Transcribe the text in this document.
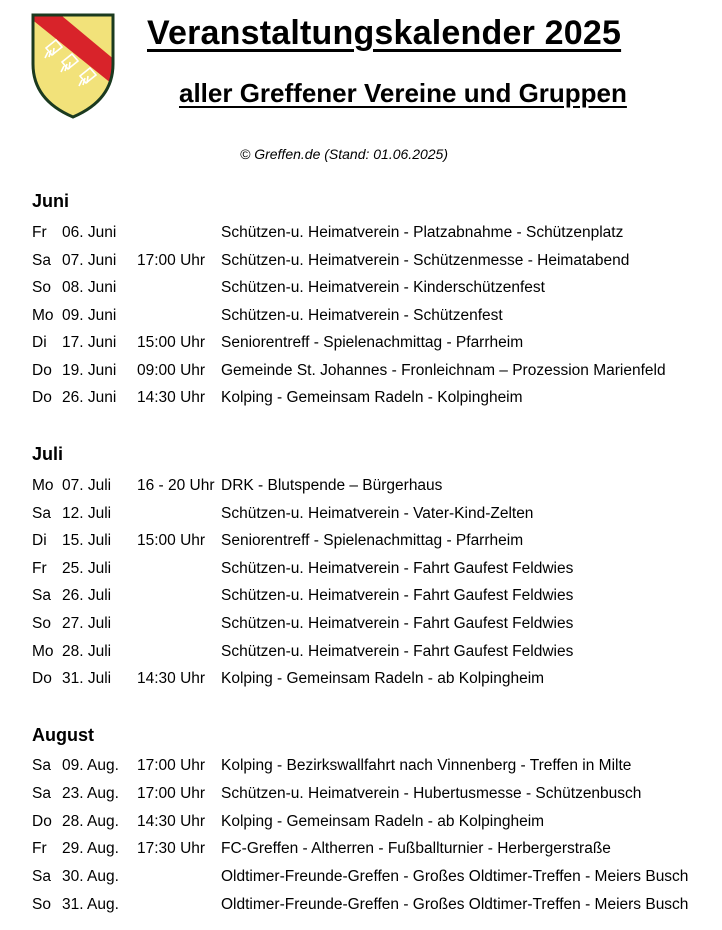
Veranstaltungskalender 2025
aller Greffener Vereine und Gruppen
© Greffen.de (Stand: 01.06.2025)
Juni
Fr 06. Juni	Schützen-u. Heimatverein - Platzabnahme - Schützenplatz
Sa 07. Juni 17:00 Uhr Schützen-u. Heimatverein - Schützenmesse - Heimatabend
So 08. Juni	Schützen-u. Heimatverein - Kinderschützenfest
Mo 09. Juni	Schützen-u. Heimatverein - Schützenfest
Di 17. Juni 15:00 Uhr Seniorentreff - Spielenachmittag - Pfarrheim
Do 19. Juni 09:00 Uhr Gemeinde St. Johannes - Fronleichnam – Prozession Marienfeld
Do 26. Juni 14:30 Uhr Kolping - Gemeinsam Radeln - Kolpingheim
Juli
Mo 07. Juli 16 - 20 Uhr DRK - Blutspende – Bürgerhaus
Sa 12. Juli	Schützen-u. Heimatverein - Vater-Kind-Zelten
Di 15. Juli 15:00 Uhr Seniorentreff - Spielenachmittag - Pfarrheim
Fr 25. Juli	Schützen-u. Heimatverein - Fahrt Gaufest Feldwies
Sa 26. Juli	Schützen-u. Heimatverein - Fahrt Gaufest Feldwies
So 27. Juli	Schützen-u. Heimatverein - Fahrt Gaufest Feldwies
Mo 28. Juli	Schützen-u. Heimatverein - Fahrt Gaufest Feldwies
Do 31. Juli 14:30 Uhr Kolping - Gemeinsam Radeln - ab Kolpingheim
August
Sa 09. Aug. 17:00 Uhr Kolping - Bezirkswallfahrt nach Vinnenberg - Treffen in Milte
Sa 23. Aug. 17:00 Uhr Schützen-u. Heimatverein - Hubertusmesse - Schützenbusch
Do 28. Aug. 14:30 Uhr Kolping - Gemeinsam Radeln - ab Kolpingheim
Fr 29. Aug. 17:30 Uhr FC-Greffen - Altherren - Fußballturnier - Herbergerstraße
Sa 30. Aug.	Oldtimer-Freunde-Greffen - Großes Oldtimer-Treffen - Meiers Busch
So 31. Aug.	Oldtimer-Freunde-Greffen - Großes Oldtimer-Treffen - Meiers Busch
